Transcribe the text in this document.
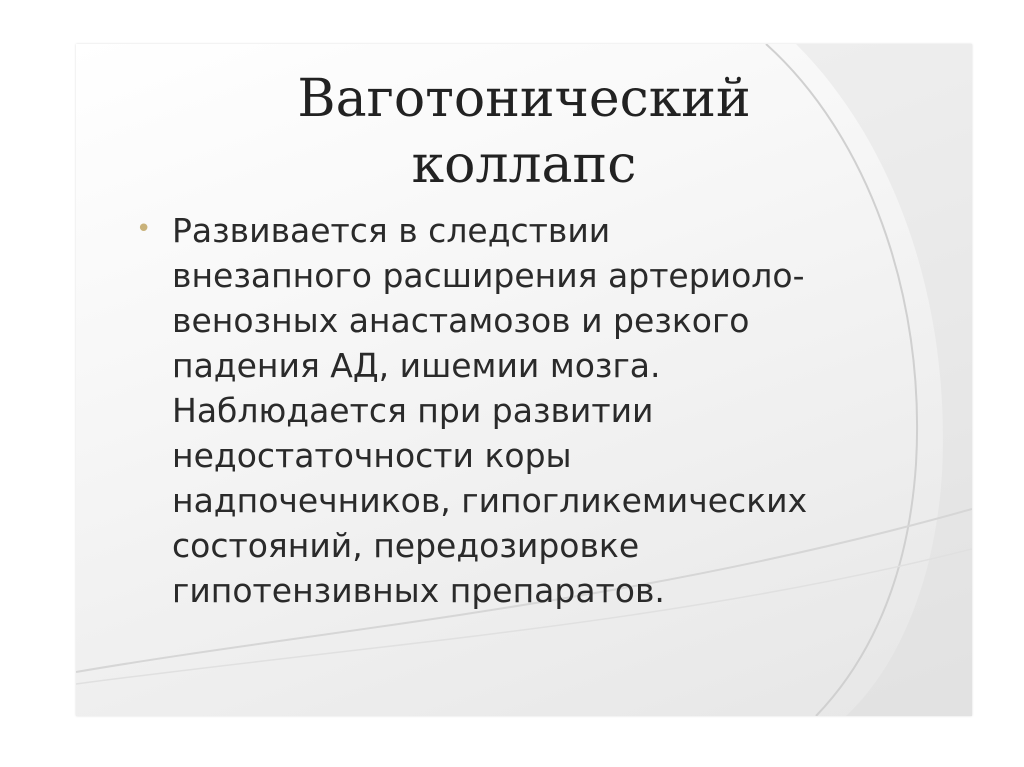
Ваготонический
коллапс
• Развивается в следствии
внезапного расширения артериоло-
венозных анастамозов и резкого
падения АД, ишемии мозга.
Наблюдается при развитии
недостаточности коры
надпочечников, гипогликемических
состояний, передозировке
гипотензивных препаратов.
